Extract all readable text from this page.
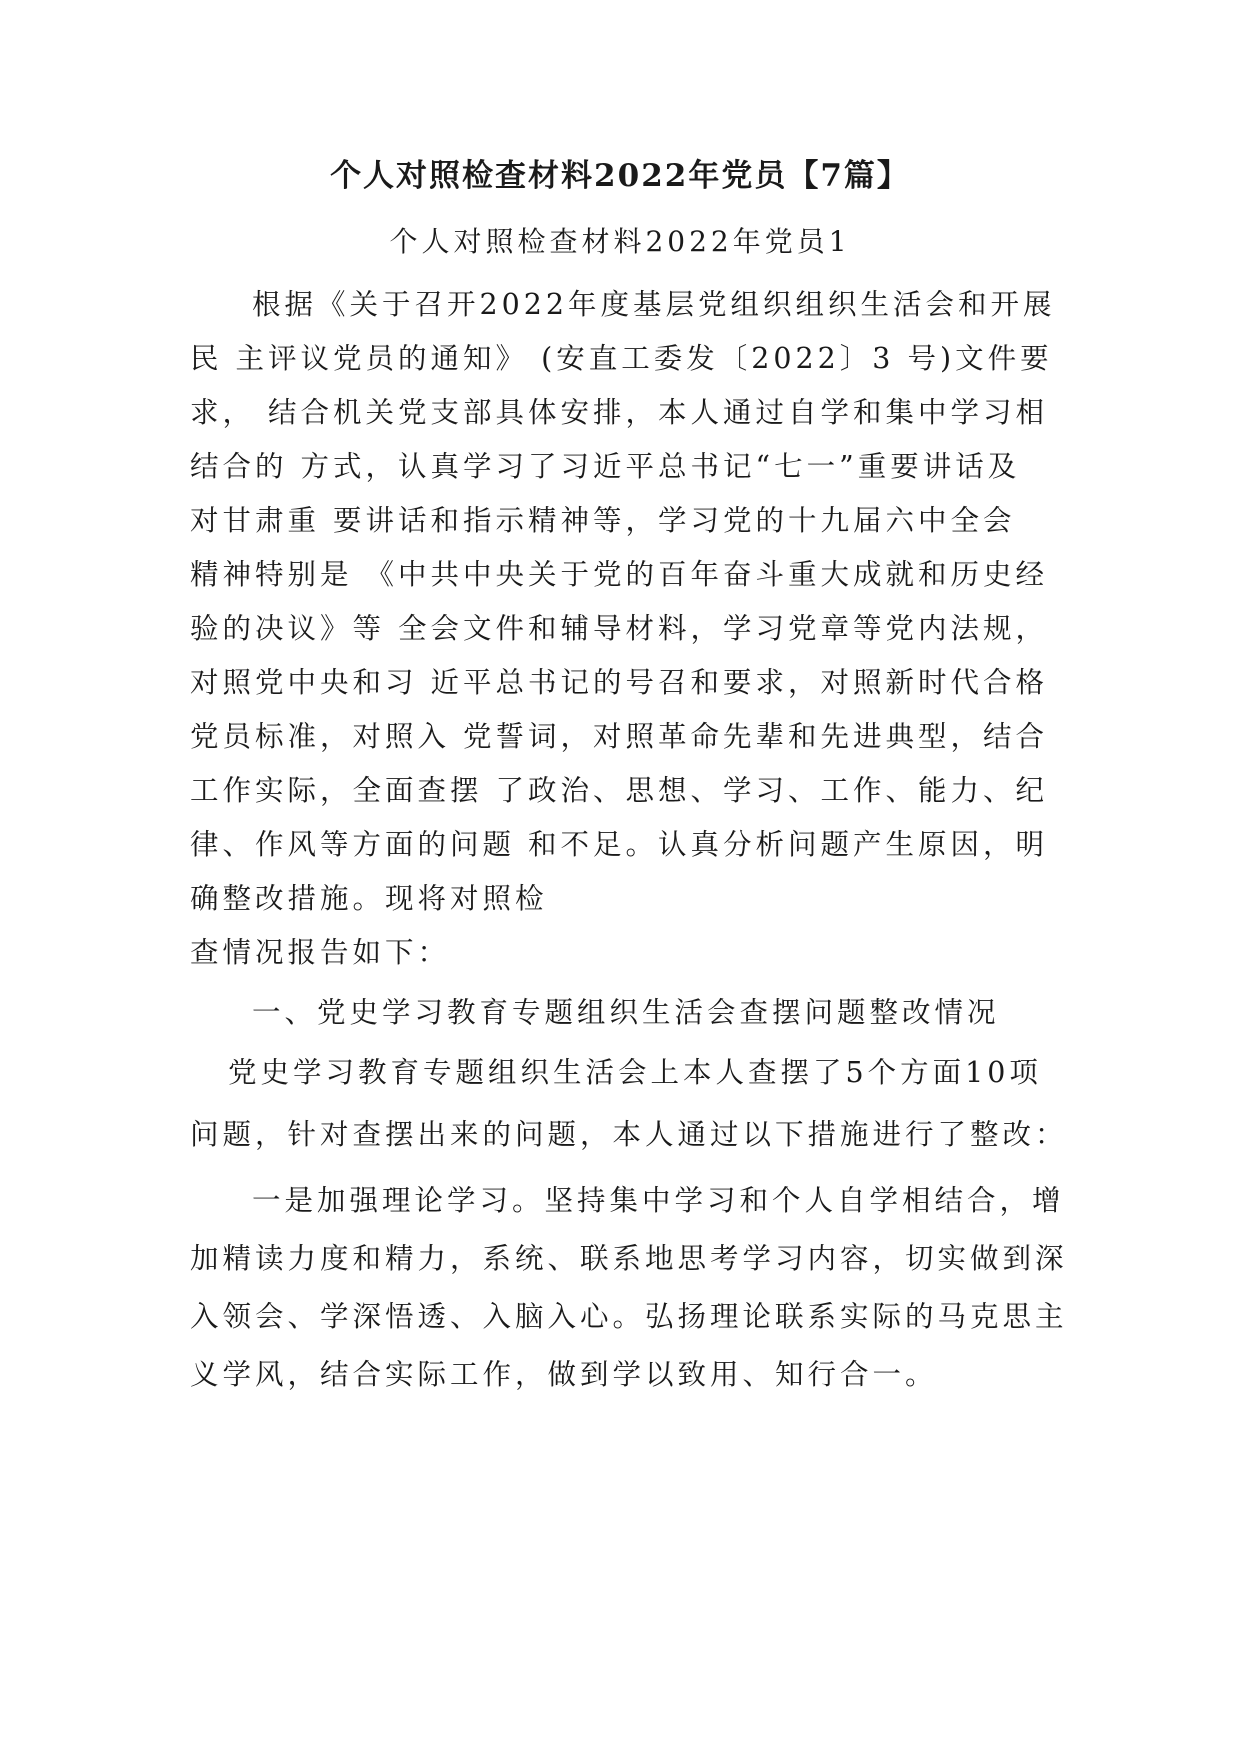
个人对照检查材料2022年党员【7篇】
个人对照检查材料2022年党员1
根据《关于召开2022年度基层党组织组织生活会和开展
民 主评议党员的通知》 (安直工委发〔2022〕3 号)文件要
求， 结合机关党支部具体安排，本人通过自学和集中学习相
结合的 方式，认真学习了习近平总书记“七一”重要讲话及
对甘肃重 要讲话和指示精神等，学习党的十九届六中全会
精神特别是 《中共中央关于党的百年奋斗重大成就和历史经
验的决议》等 全会文件和辅导材料，学习党章等党内法规，
对照党中央和习 近平总书记的号召和要求，对照新时代合格
党员标准，对照入 党誓词，对照革命先辈和先进典型，结合
工作实际，全面查摆 了政治、思想、学习、工作、能力、纪
律、作风等方面的问题 和不足。认真分析问题产生原因，明
确整改措施。现将对照检
查情况报告如下：
一、党史学习教育专题组织生活会查摆问题整改情况
党史学习教育专题组织生活会上本人查摆了5个方面10项
问题，针对查摆出来的问题，本人通过以下措施进行了整改：
一是加强理论学习。坚持集中学习和个人自学相结合，增
加精读力度和精力，系统、联系地思考学习内容，切实做到深
入领会、学深悟透、入脑入心。弘扬理论联系实际的马克思主
义学风，结合实际工作，做到学以致用、知行合一。
